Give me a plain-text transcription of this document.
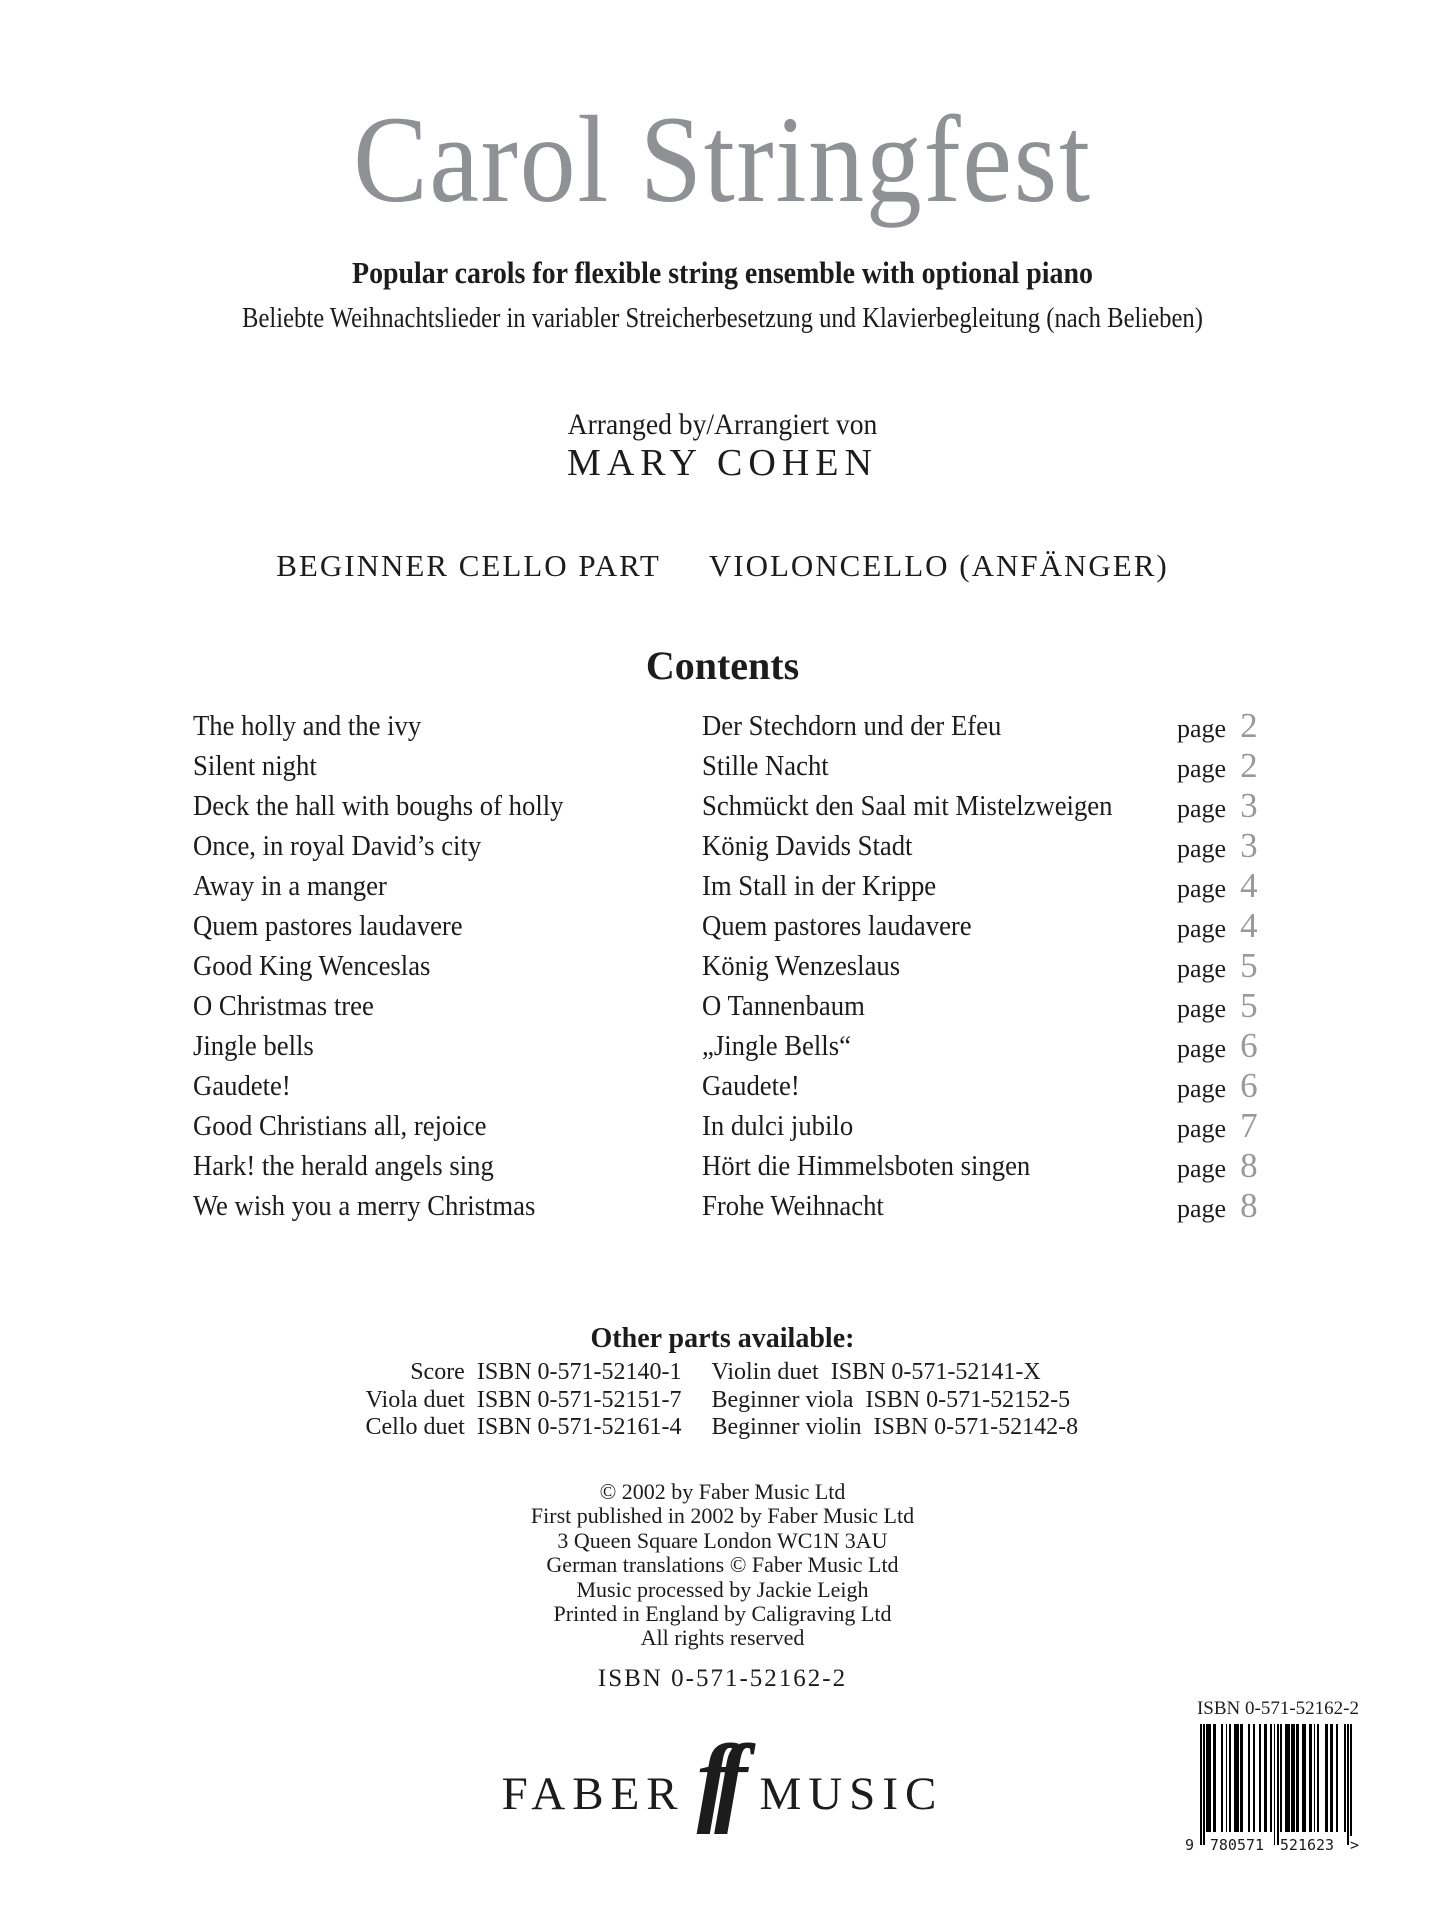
Carol Stringfest
Popular carols for flexible string ensemble with optional piano
Beliebte Weihnachtslieder in variabler Streicherbesetzung und Klavierbegleitung (nach Belieben)
Arranged by/Arrangiert von
MARY COHEN
BEGINNER CELLO PART VIOLONCELLO (ANFÄNGER)
Contents
The holly and the ivy	Der Stechdorn und der Efeu	page 2
Silent night	Stille Nacht	page 2
Deck the hall with boughs of holly	Schmückt den Saal mit Mistelzweigen	page 3
Once, in royal David’s city	König Davids Stadt	page 3
Away in a manger	Im Stall in der Krippe	page 4
Quem pastores laudavere	Quem pastores laudavere	page 4
Good King Wenceslas	König Wenzeslaus	page 5
O Christmas tree	O Tannenbaum	page 5
Jingle bells	„Jingle Bells“	page 6
Gaudete!	Gaudete!	page 6
Good Christians all, rejoice	In dulci jubilo	page 7
Hark! the herald angels sing	Hört die Himmelsboten singen	page 8
We wish you a merry Christmas	Frohe Weihnacht	page 8
Other parts available:
Score ISBN 0-571-52140-1 Violin duet ISBN 0-571-52141-X
Viola duet ISBN 0-571-52151-7 Beginner viola ISBN 0-571-52152-5
Cello duet ISBN 0-571-52161-4 Beginner violin ISBN 0-571-52142-8
© 2002 by Faber Music Ltd
First published in 2002 by Faber Music Ltd
3 Queen Square London WC1N 3AU
German translations © Faber Music Ltd
Music processed by Jackie Leigh
Printed in England by Caligraving Ltd
All rights reserved
ISBN 0-571-52162-2
FABER ff MUSIC
ISBN 0-571-52162-2
9 780571 521623 >
